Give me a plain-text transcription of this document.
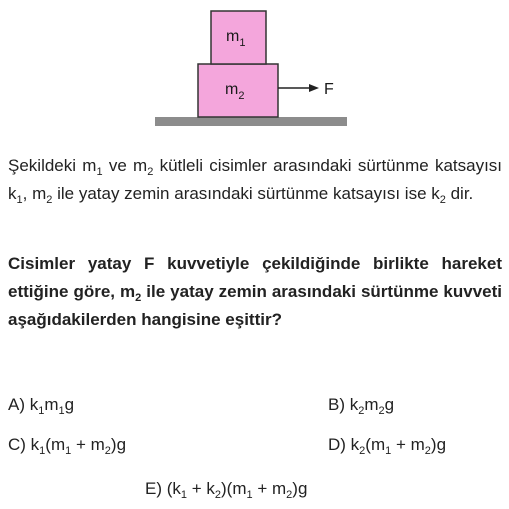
$m_1$
$m_2$	F
Şekildeki $m_1$ ve $m_2$ kütleli cisimler arasındaki sürtünme katsayısı $k_1$, $m_2$ ile yatay zemin arasındaki sürtünme katsayısı ise $k_2$ dir.
Cisimler yatay F kuvvetiyle çekildiğinde birlikte hareket ettiğine göre, $m_2$ ile yatay zemin arasındaki sürtünme kuvveti aşağıdakilerden hangisine eşittir?
A) $k_1m_1g$	B) $k_2m_2g$
C) $k_1(m_1 + m_2)g$	D) $k_2(m_1 + m_2)g$
E) $(k_1 + k_2)(m_1 + m_2)g$
